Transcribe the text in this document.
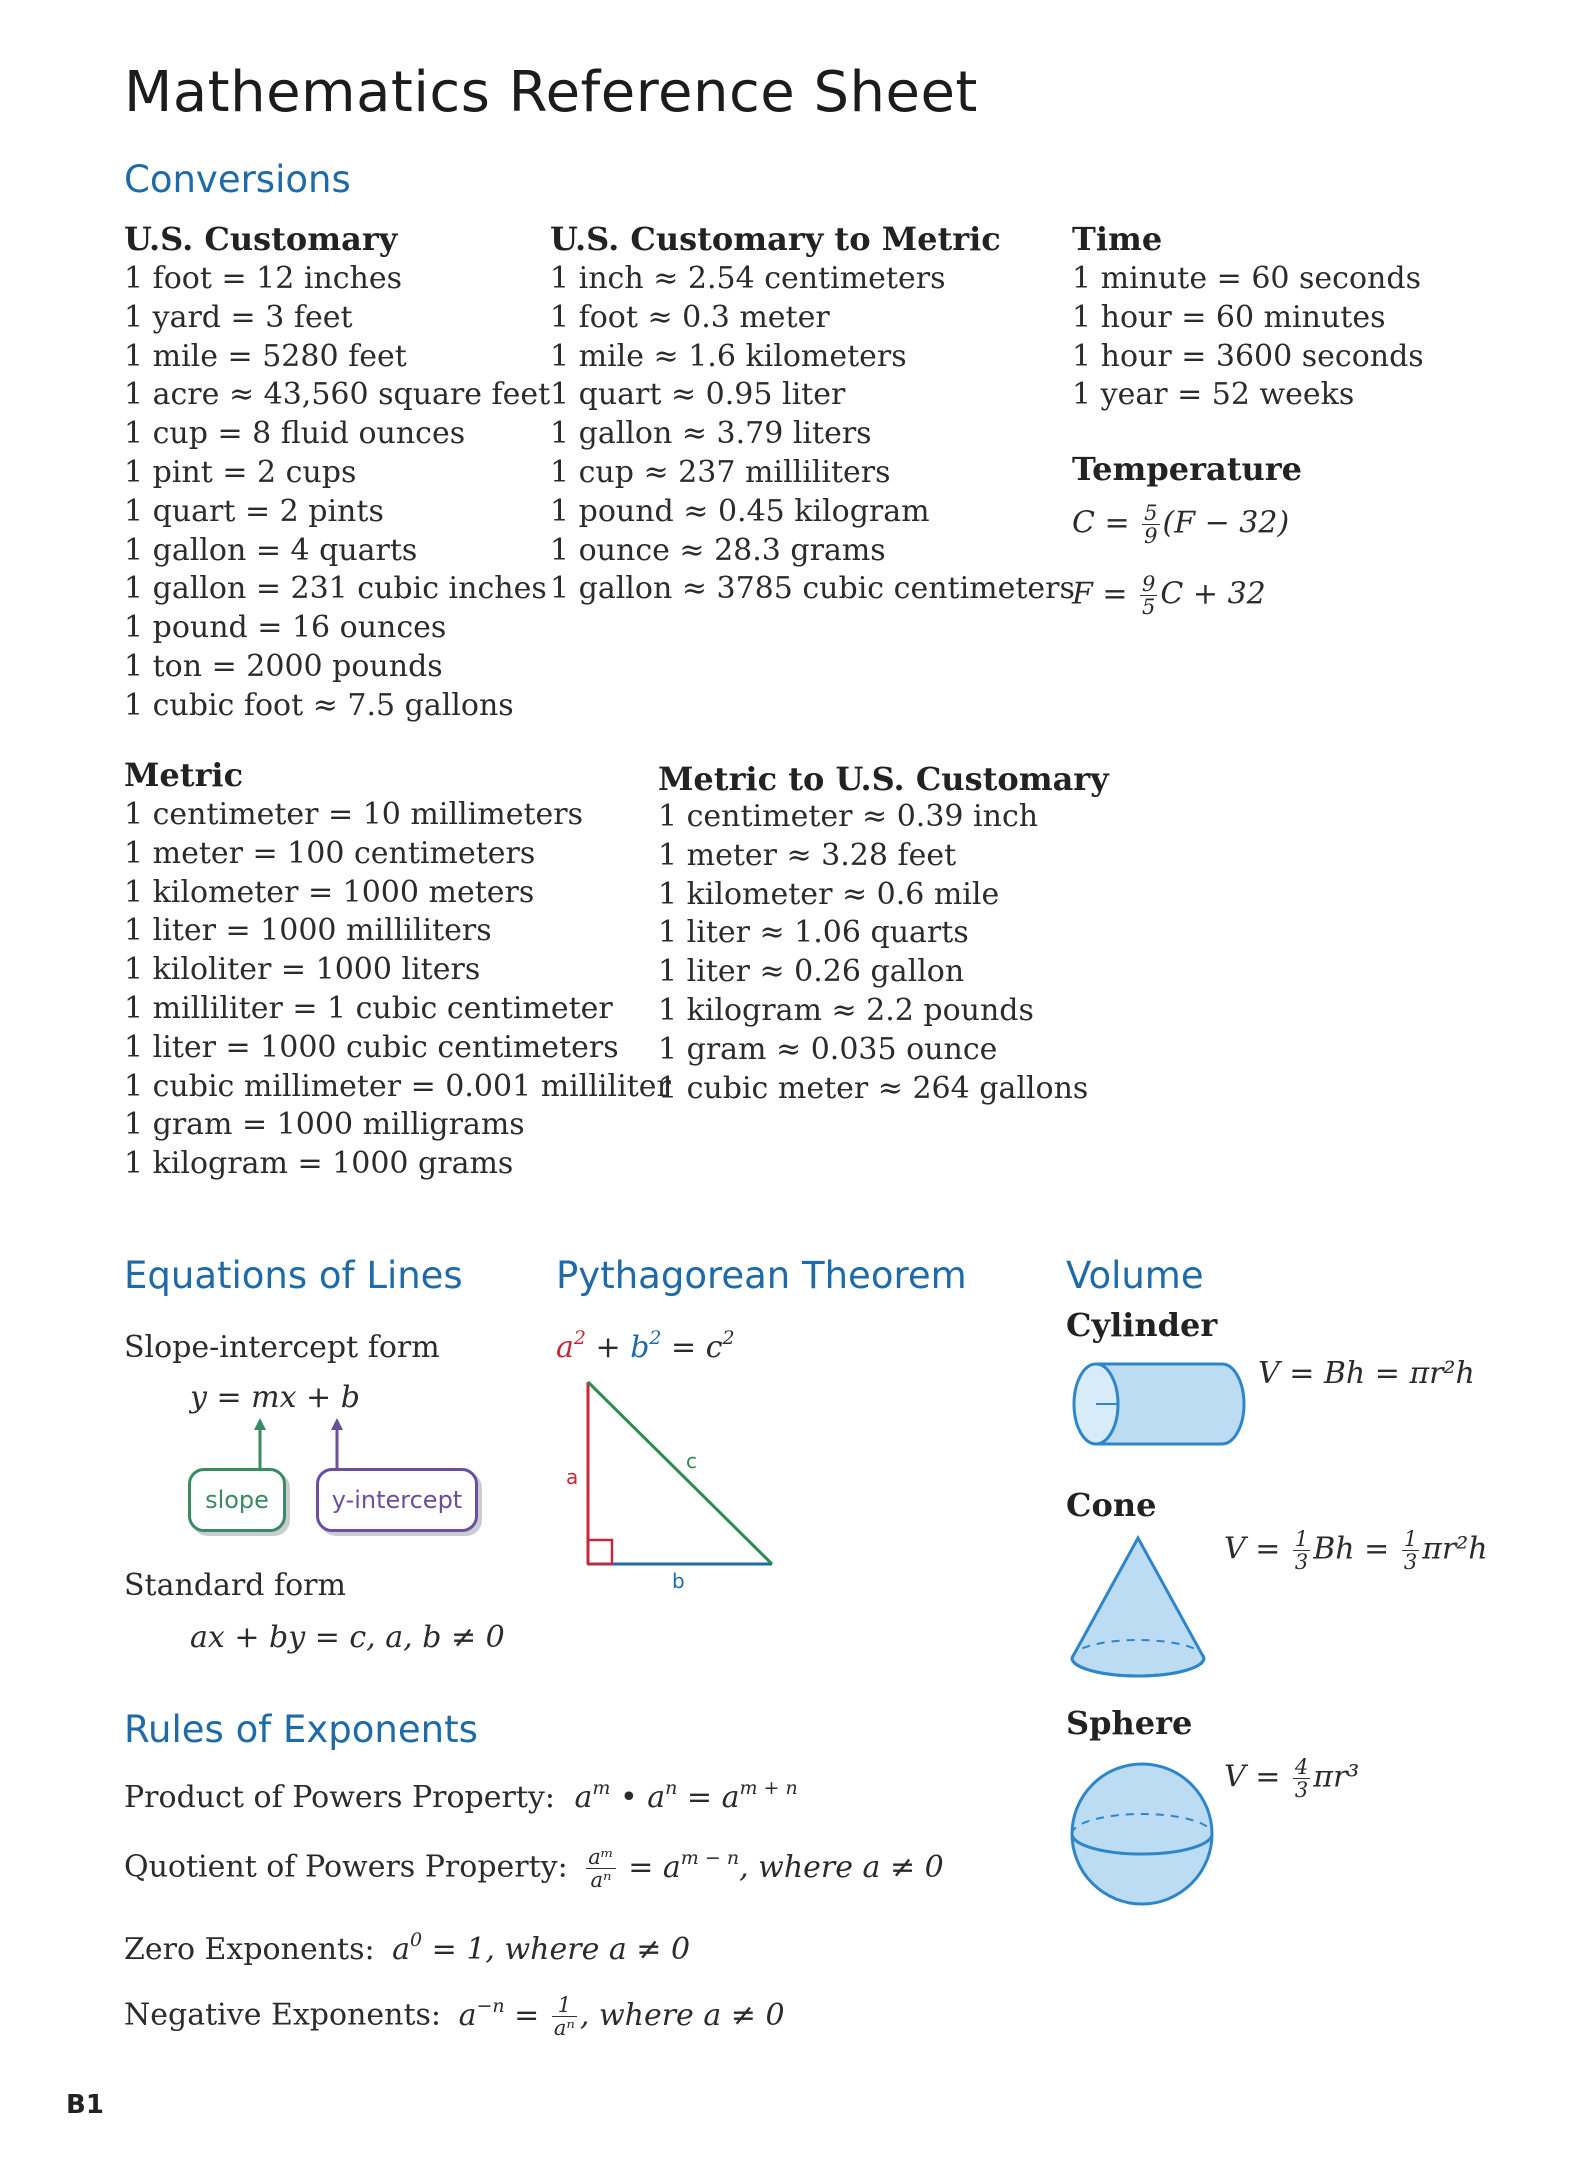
Mathematics Reference Sheet
Conversions
U.S. Customary
1 foot = 12 inches
1 yard = 3 feet
1 mile = 5280 feet
1 acre ≈ 43,560 square feet
1 cup = 8 fluid ounces
1 pint = 2 cups
1 quart = 2 pints
1 gallon = 4 quarts
1 gallon = 231 cubic inches
1 pound = 16 ounces
1 ton = 2000 pounds
1 cubic foot ≈ 7.5 gallons
U.S. Customary to Metric
1 inch ≈ 2.54 centimeters
1 foot ≈ 0.3 meter
1 mile ≈ 1.6 kilometers
1 quart ≈ 0.95 liter
1 gallon ≈ 3.79 liters
1 cup ≈ 237 milliliters
1 pound ≈ 0.45 kilogram
1 ounce ≈ 28.3 grams
1 gallon ≈ 3785 cubic centimeters
Time
1 minute = 60 seconds
1 hour = 60 minutes
1 hour = 3600 seconds
1 year = 52 weeks
Temperature
$C = \frac{5}{9} (F - 32)$
$F = \frac{9}{5}$ C + 32
Metric
1 centimeter = 10 millimeters
1 meter = 100 centimeters
1 kilometer = 1000 meters
1 liter = 1000 milliliters
1 kiloliter = 1000 liters
1 milliliter = 1 cubic centimeter
1 liter = 1000 cubic centimeters
1 cubic millimeter = 0.001 milliliter
1 gram = 1000 milligrams
1 kilogram = 1000 grams
Metric to U.S. Customary
1 centimeter ≈ 0.39 inch
1 meter ≈ 3.28 feet
1 kilometer ≈ 0.6 mile
1 liter ≈ 1.06 quarts
1 liter ≈ 0.26 gallon
1 kilogram ≈ 2.2 pounds
1 gram ≈ 0.035 ounce
1 cubic meter ≈ 264 gallons
Equations of Lines
Slope-intercept form
y = mx + b
slope	y-intercept
Standard form
ax + by = c, a, b ≠ 0
Pythagorean Theorem
$a^2 + b^2 = c^2$
a
b
c
Volume
Cylinder
V = Bh = πr²h
Cone
$V = \frac{1}{3}$ $Bh = \frac{1}{3} \pi r^2h$
Sphere
$V = \frac{4}{3} \pi r^3$
Rules of Exponents
Product of Powers Property: $a^m$ • $a^n = a^{m + n}$
Quotient of Powers Property: $\frac{\text{aᵐ}}{\text{aⁿ}} = a^{m - n}$, where a ≠ 0
Zero Exponents: $a^0 = 1$, where a ≠ 0
Negative Exponents: $a^{-n} = \frac{1}{\text{aⁿ}}$ , where a ≠ 0
B1
